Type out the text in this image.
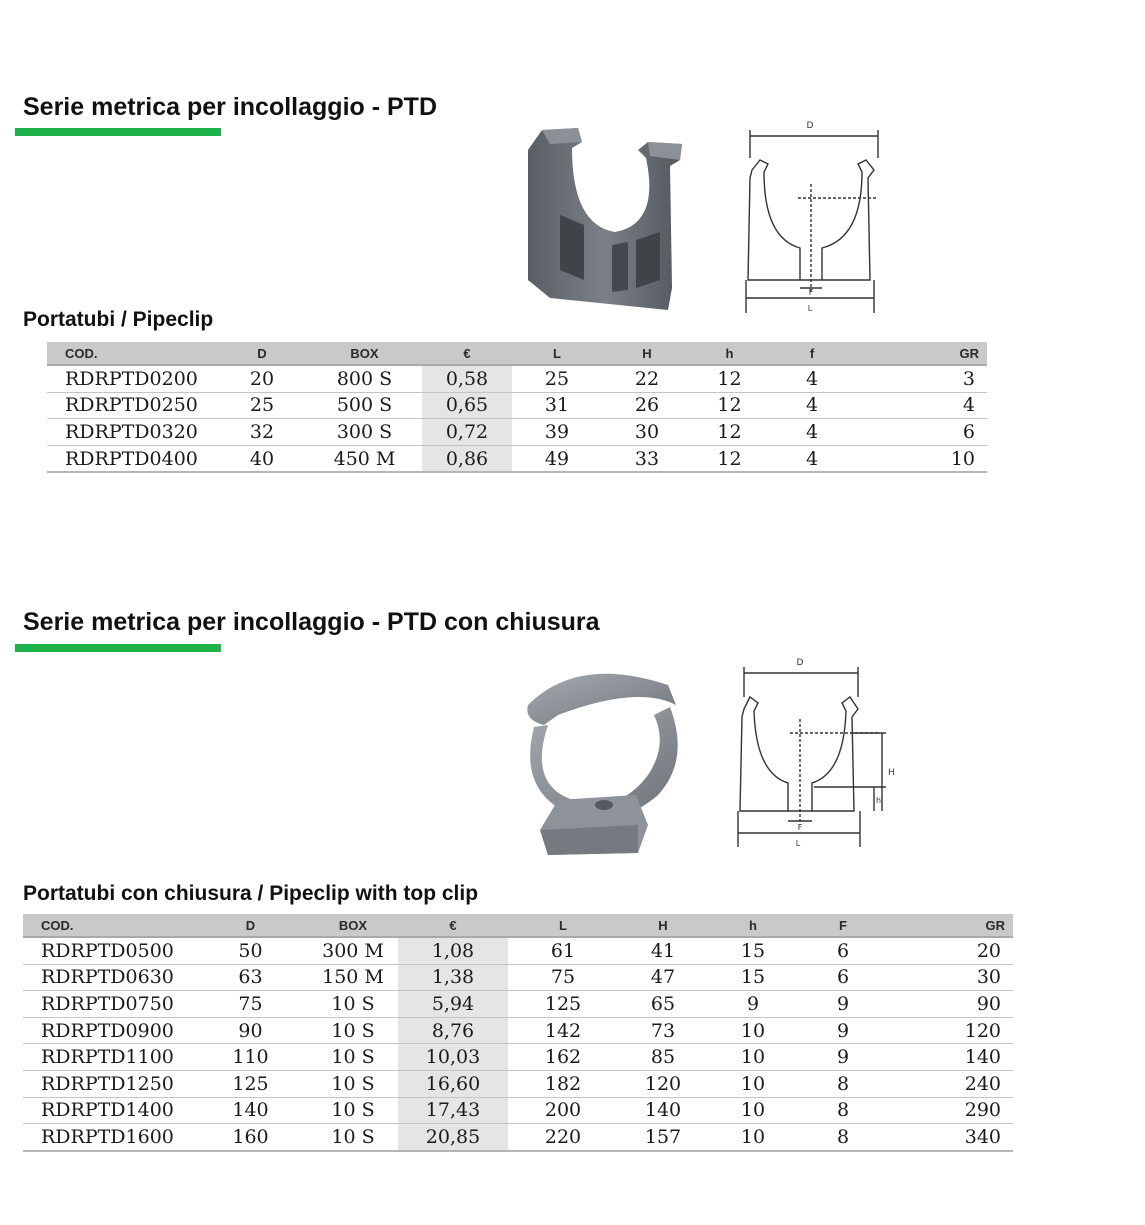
Serie metrica per incollaggio - PTD
D
F
L
Portatubi / Pipeclip
COD.	D	BOX	€	L	H	h	f	GR
RDRPTD0200	20	800 S	0,58	25	22	12	4	3
RDRPTD0250	25	500 S	0,65	31	26	12	4	4
RDRPTD0320	32	300 S	0,72	39	30	12	4	6
RDRPTD0400	40	450 M	0,86	49	33	12	4	10
Serie metrica per incollaggio - PTD con chiusura
D
H
h
F
L
Portatubi con chiusura / Pipeclip with top clip
COD.	D	BOX	€	L	H	h	F	GR
RDRPTD0500	50	300 M	1,08	61	41	15	6	20
RDRPTD0630	63	150 M	1,38	75	47	15	6	30
RDRPTD0750	75	10 S	5,94	125	65	9	9	90
RDRPTD0900	90	10 S	8,76	142	73	10	9	120
RDRPTD1100	110	10 S	10,03	162	85	10	9	140
RDRPTD1250	125	10 S	16,60	182	120	10	8	240
RDRPTD1400	140	10 S	17,43	200	140	10	8	290
RDRPTD1600	160	10 S	20,85	220	157	10	8	340
